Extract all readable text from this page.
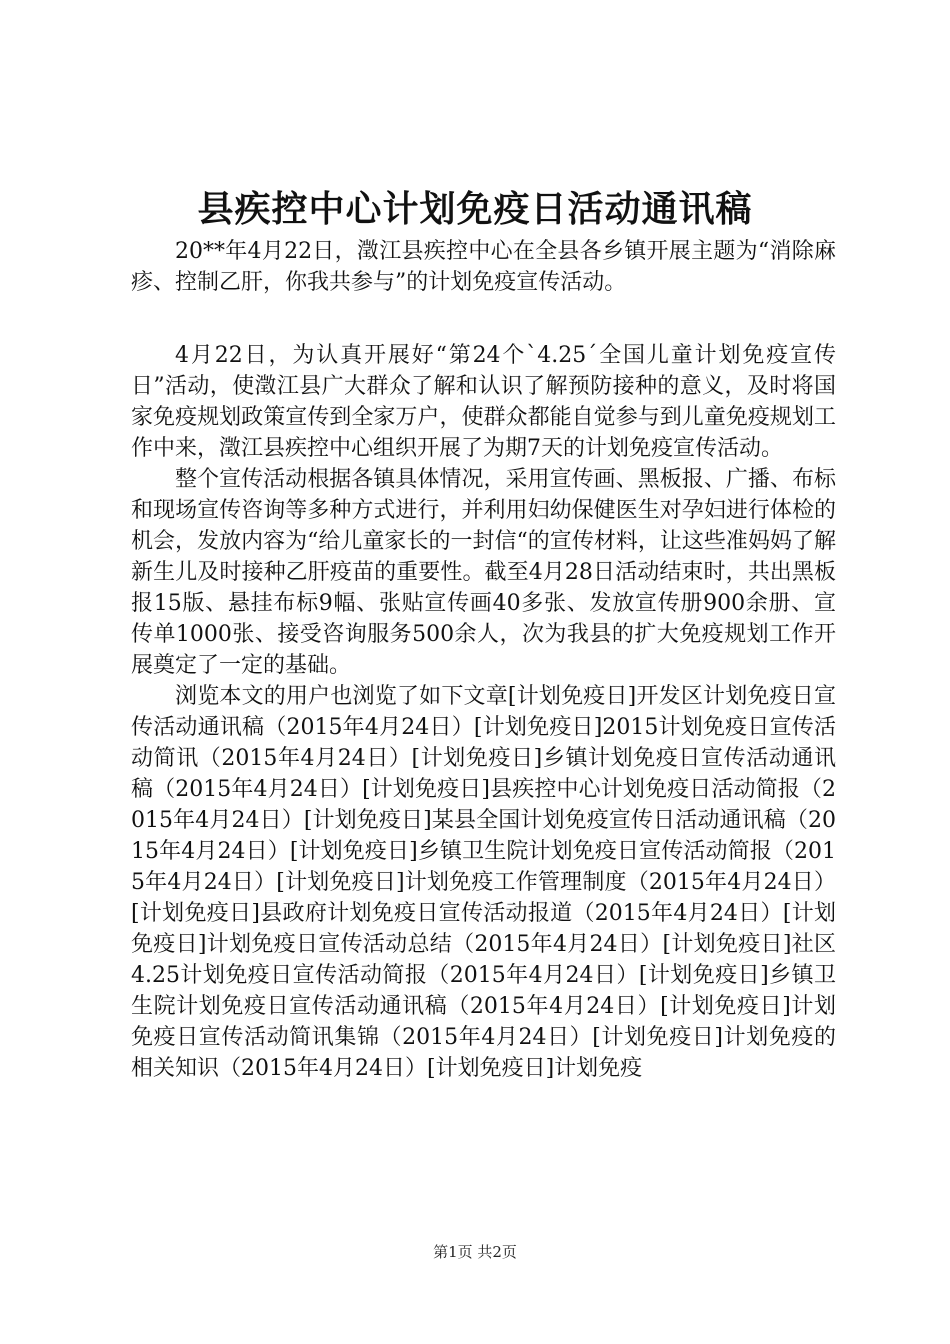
县疾控中心计划免疫日活动通讯稿

20**年4月22日，澂江县疾控中心在全县各乡镇开展主题为“消除麻疹、控制乙肝，你我共参与”的计划免疫宣传活动。

4月22日，为认真开展好“第24个`4.25´全国儿童计划免疫宣传日”活动，使澂江县广大群众了解和认识了解预防接种的意义，及时将国家免疫规划政策宣传到全家万户，使群众都能自觉参与到儿童免疫规划工作中来，澂江县疾控中心组织开展了为期7天的计划免疫宣传活动。

整个宣传活动根据各镇具体情况，采用宣传画、黑板报、广播、布标和现场宣传咨询等多种方式进行，并利用妇幼保健医生对孕妇进行体检的机会，发放内容为“给儿童家长的一封信“的宣传材料，让这些准妈妈了解新生儿及时接种乙肝疫苗的重要性。截至4月28日活动结束时，共出黑板报15版、悬挂布标9幅、张贴宣传画40多张、发放宣传册900余册、宣传单1000张、接受咨询服务500余人，次为我县的扩大免疫规划工作开展奠定了一定的基础。

浏览本文的用户也浏览了如下文章[计划免疫日]开发区计划免疫日宣传活动通讯稿（2015年4月24日）[计划免疫日]2015计划免疫日宣传活动简讯（2015年4月24日）[计划免疫日]乡镇计划免疫日宣传活动通讯稿（2015年4月24日）[计划免疫日]县疾控中心计划免疫日活动简报（2015年4月24日）[计划免疫日]某县全国计划免疫宣传日活动通讯稿（2015年4月24日）[计划免疫日]乡镇卫生院计划免疫日宣传活动简报（2015年4月24日）[计划免疫日]计划免疫工作管理制度（2015年4月24日）[计划免疫日]县政府计划免疫日宣传活动报道（2015年4月24日）[计划免疫日]计划免疫日宣传活动总结（2015年4月24日）[计划免疫日]社区4.25计划免疫日宣传活动简报（2015年4月24日）[计划免疫日]乡镇卫生院计划免疫日宣传活动通讯稿（2015年4月24日）[计划免疫日]计划免疫日宣传活动简讯集锦（2015年4月24日）[计划免疫日]计划免疫的相关知识（2015年4月24日）[计划免疫日]计划免疫

第1页 共2页
